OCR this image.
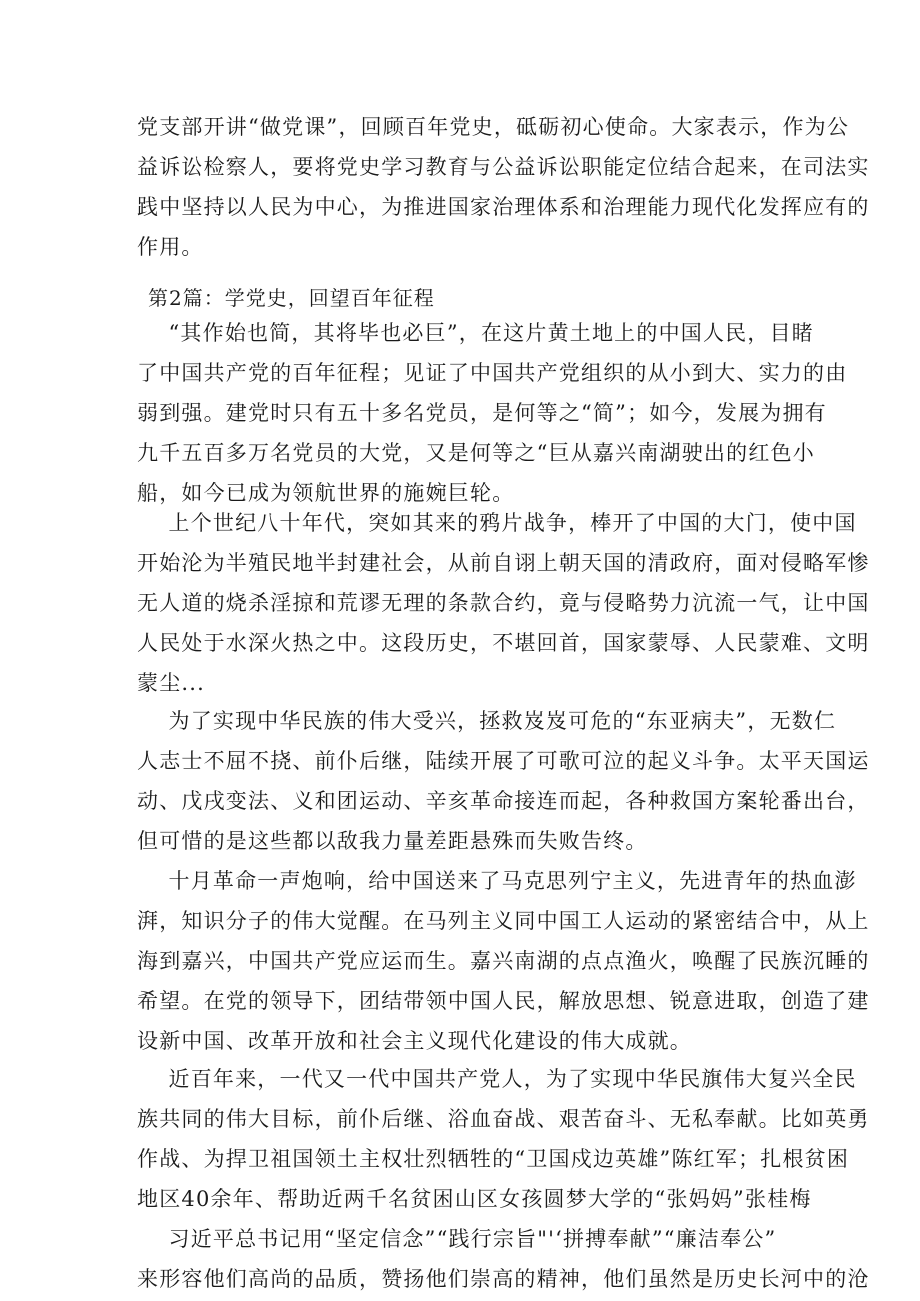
党支部开讲“做党课”，回顾百年党史，砥砺初心使命。大家表示，作为公
益诉讼检察人，要将党史学习教育与公益诉讼职能定位结合起来，在司法实
践中坚持以人民为中心，为推进国家治理体系和治理能力现代化发挥应有的
作用。
第2篇：学党史，回望百年征程
“其作始也简，其将毕也必巨”，在这片黄土地上的中国人民，目睹
了中国共产党的百年征程；见证了中国共产党组织的从小到大、实力的由
弱到强。建党时只有五十多名党员，是何等之“简”；如今，发展为拥有
九千五百多万名党员的大党，又是何等之“巨从嘉兴南湖驶出的红色小
船，如今已成为领航世界的施婉巨轮。
上个世纪八十年代，突如其来的鸦片战争，棒开了中国的大门，使中国
开始沦为半殖民地半封建社会，从前自诩上朝天国的清政府，面对侵略军惨
无人道的烧杀淫掠和荒谬无理的条款合约，竟与侵略势力沆流一气，让中国
人民处于水深火热之中。这段历史，不堪回首，国家蒙辱、人民蒙难、文明
蒙尘...
为了实现中华民族的伟大受兴，拯救岌岌可危的“东亚病夫”，无数仁
人志士不屈不挠、前仆后继，陆续开展了可歌可泣的起义斗争。太平天国运
动、戊戌变法、义和团运动、辛亥革命接连而起，各种救国方案轮番出台，
但可惜的是这些都以敌我力量差距悬殊而失败告终。
十月革命一声炮响，给中国送来了马克思列宁主义，先进青年的热血澎
湃，知识分子的伟大觉醒。在马列主义同中国工人运动的紧密结合中，从上
海到嘉兴，中国共产党应运而生。嘉兴南湖的点点渔火，唤醒了民族沉睡的
希望。在党的领导下，团结带领中国人民，解放思想、锐意进取，创造了建
设新中国、改革开放和社会主义现代化建设的伟大成就。
近百年来，一代又一代中国共产党人，为了实现中华民旗伟大复兴全民
族共同的伟大目标，前仆后继、浴血奋战、艰苦奋斗、无私奉献。比如英勇
作战、为捍卫祖国领土主权壮烈牺牲的“卫国戍边英雄”陈红军；扎根贫困
地区40余年、帮助近两千名贫困山区女孩圆梦大学的“张妈妈”张桂梅
习近平总书记用“坚定信念”“践行宗旨"'‘拼搏奉献”“廉洁奉公”
来形容他们高尚的品质，赞扬他们崇高的精神，他们虽然是历史长河中的沧
